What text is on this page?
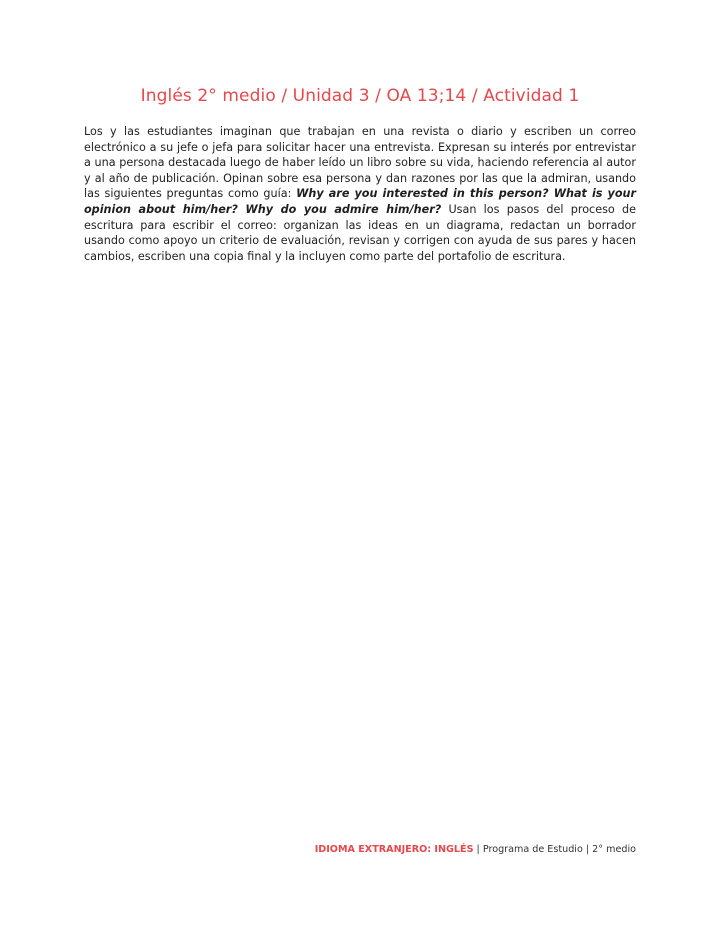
Inglés 2° medio / Unidad 3 / OA 13;14 / Actividad 1

Los y las estudiantes imaginan que trabajan en una revista o diario y escriben un correo electrónico a su jefe o jefa para solicitar hacer una entrevista. Expresan su interés por entrevistar a una persona destacada luego de haber leído un libro sobre su vida, haciendo referencia al autor y al año de publicación. Opinan sobre esa persona y dan razones por las que la admiran, usando las siguientes preguntas como guía: Why are you interested in this person? What is your opinion about him/her? Why do you admire him/her? Usan los pasos del proceso de escritura para escribir el correo: organizan las ideas en un diagrama, redactan un borrador usando como apoyo un criterio de evaluación, revisan y corrigen con ayuda de sus pares y hacen cambios, escriben una copia final y la incluyen como parte del portafolio de escritura.

IDIOMA EXTRANJERO: INGLÉS | Programa de Estudio | 2° medio
